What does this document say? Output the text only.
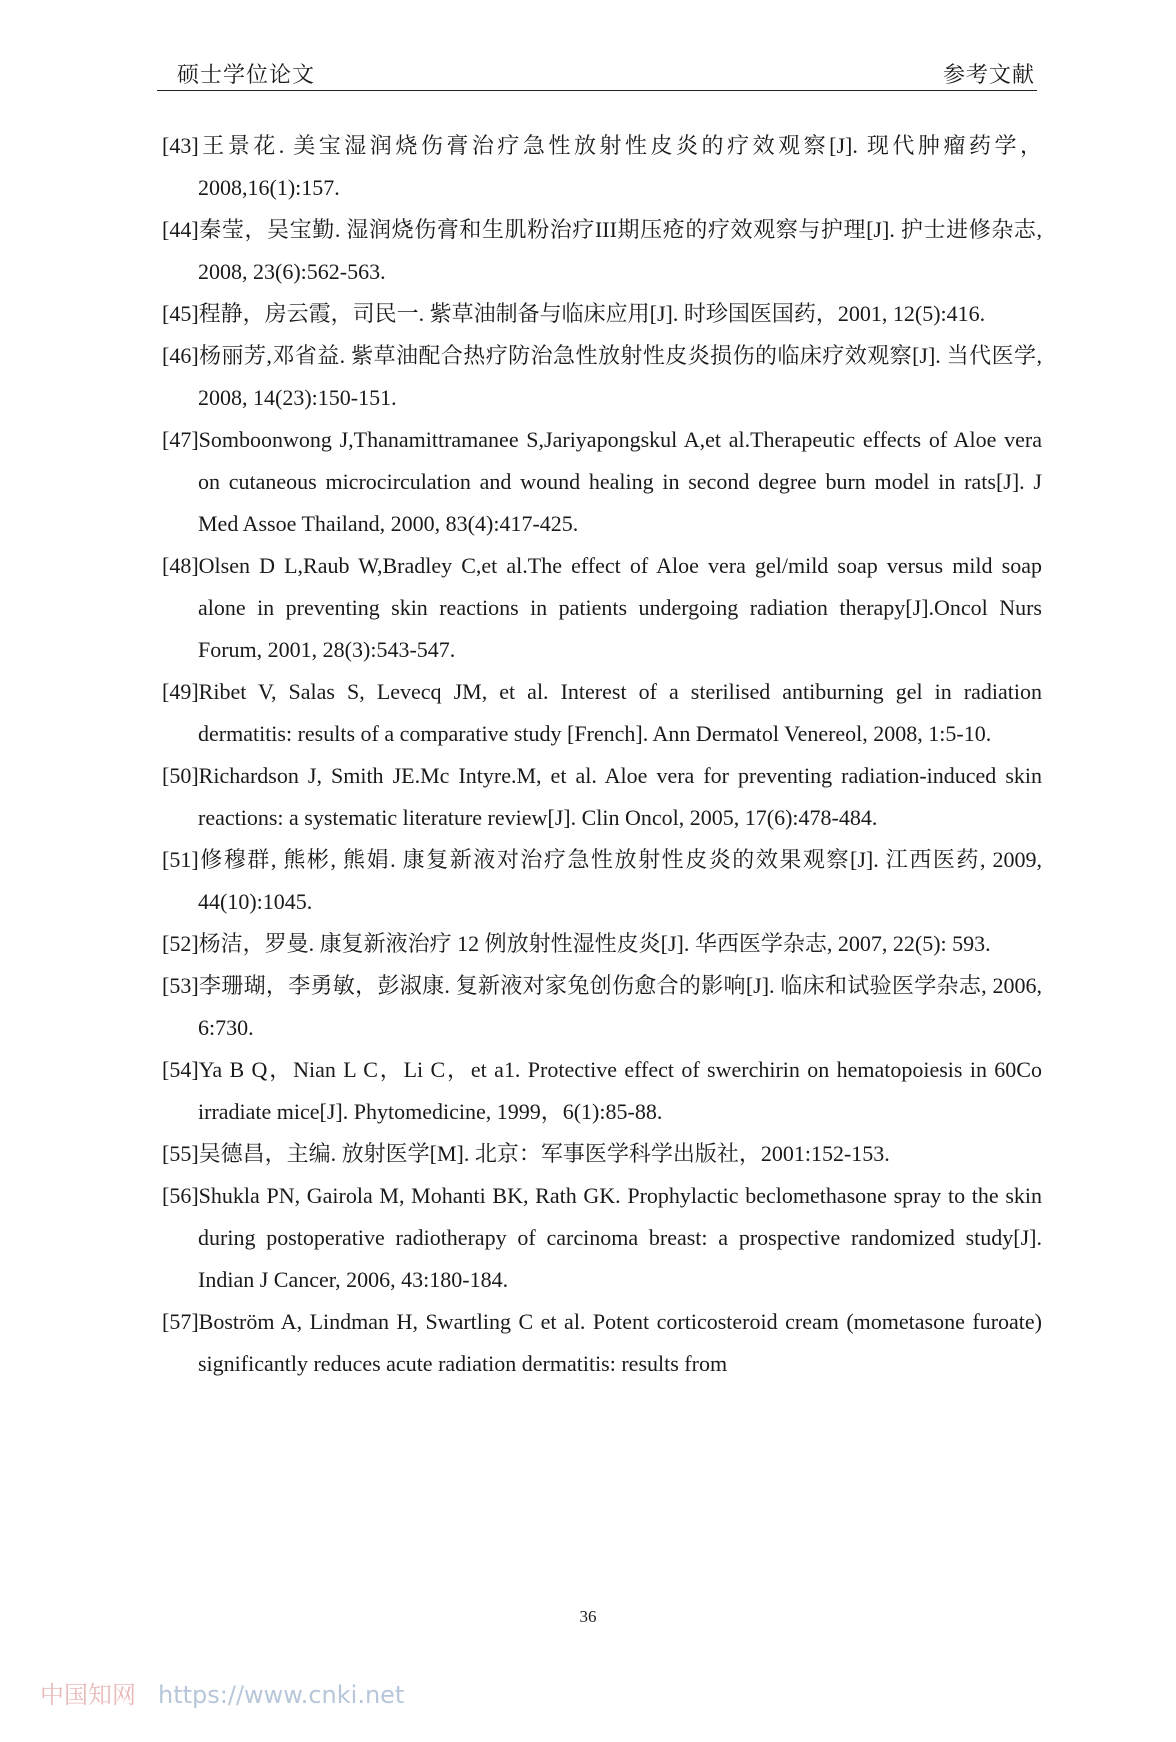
硕士学位论文	参考文献
[43]王景花. 美宝湿润烧伤膏治疗急性放射性皮炎的疗效观察[J]. 现代肿瘤药学，2008,16(1):157.
[44]秦莹，吴宝勤. 湿润烧伤膏和生肌粉治疗III期压疮的疗效观察与护理[J]. 护士进修杂志, 2008, 23(6):562-563.
[45]程静，房云霞，司民一. 紫草油制备与临床应用[J]. 时珍国医国药，2001, 12(5):416.
[46]杨丽芳,邓省益. 紫草油配合热疗防治急性放射性皮炎损伤的临床疗效观察[J]. 当代医学, 2008, 14(23):150-151.
[47]Somboonwong J,Thanamittramanee S,Jariyapongskul A,et al.Therapeutic effects of Aloe vera on cutaneous microcirculation and wound healing in second degree burn model in rats[J]. J Med Assoe Thailand, 2000, 83(4):417-425.
[48]Olsen D L,Raub W,Bradley C,et al.The effect of Aloe vera gel/mild soap versus mild soap alone in preventing skin reactions in patients undergoing radiation therapy[J].Oncol Nurs Forum, 2001, 28(3):543-547.
[49]Ribet V, Salas S, Levecq JM, et al. Interest of a sterilised antiburning gel in radiation dermatitis: results of a comparative study [French]. Ann Dermatol Venereol, 2008, 1:5-10.
[50]Richardson J, Smith JE.Mc Intyre.M, et al. Aloe vera for preventing radiation-induced skin reactions: a systematic literature review[J]. Clin Oncol, 2005, 17(6):478-484.
[51]修穆群, 熊彬, 熊娟. 康复新液对治疗急性放射性皮炎的效果观察[J]. 江西医药, 2009, 44(10):1045.
[52]杨洁，罗曼. 康复新液治疗 12 例放射性湿性皮炎[J]. 华西医学杂志, 2007, 22(5): 593.
[53]李珊瑚，李勇敏，彭淑康. 复新液对家兔创伤愈合的影响[J]. 临床和试验医学杂志, 2006, 6:730.
[54]Ya B Q，Nian L C，Li C，et a1. Protective effect of swerchirin on hematopoiesis in 60Co irradiate mice[J]. Phytomedicine, 1999，6(1):85-88.
[55]吴德昌，主编. 放射医学[M]. 北京：军事医学科学出版社，2001:152-153.
[56]Shukla PN, Gairola M, Mohanti BK, Rath GK. Prophylactic beclomethasone spray to the skin during postoperative radiotherapy of carcinoma breast: a prospective randomized study[J]. Indian J Cancer, 2006, 43:180-184.
[57]Boström A, Lindman H, Swartling C et al. Potent corticosteroid cream (mometasone furoate) significantly reduces acute radiation dermatitis: results from
36
中国知网 https://www.cnki.net
